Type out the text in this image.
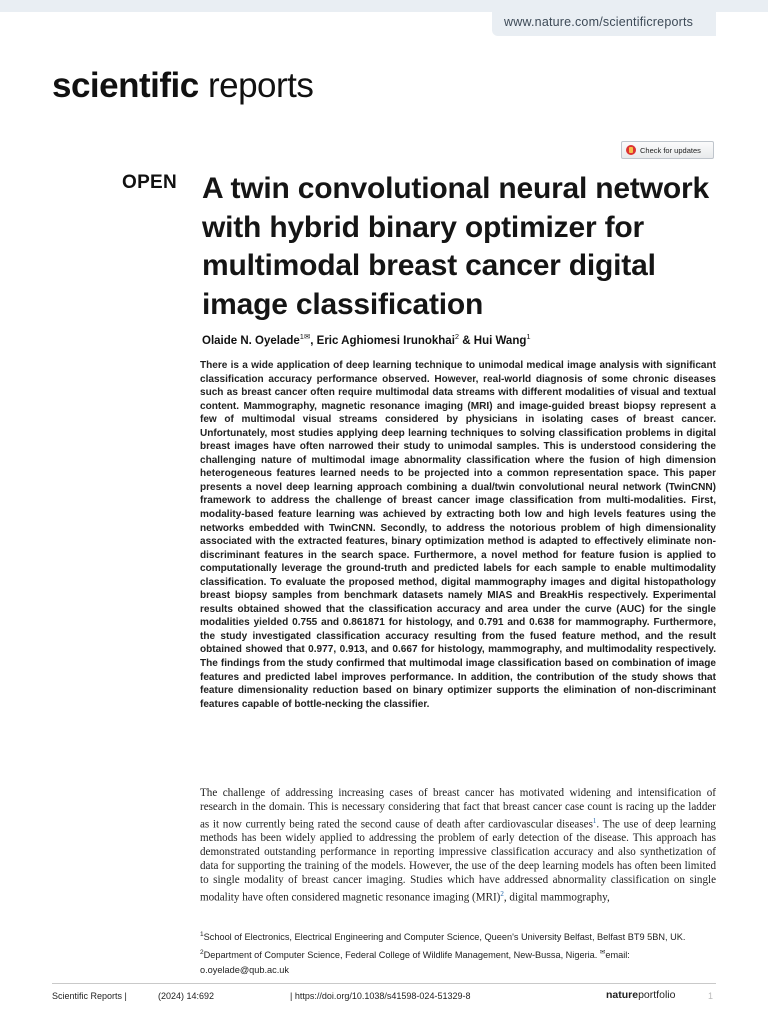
www.nature.com/scientificreports
scientific reports
Check for updates
OPEN A twin convolutional neural network with hybrid binary optimizer for multimodal breast cancer digital image classification
Olaide N. Oyelade$^{1✉}$, Eric Aghiomesi Irunokhai$^2$ & Hui Wang$^1$

There is a wide application of deep learning technique to unimodal medical image analysis with significant classification accuracy performance observed. However, real-world diagnosis of some chronic diseases such as breast cancer often require multimodal data streams with different modalities of visual and textual content. Mammography, magnetic resonance imaging (MRI) and image-guided breast biopsy represent a few of multimodal visual streams considered by physicians in isolating cases of breast cancer. Unfortunately, most studies applying deep learning techniques to solving classification problems in digital breast images have often narrowed their study to unimodal samples. This is understood considering the challenging nature of multimodal image abnormality classification where the fusion of high dimension heterogeneous features learned needs to be projected into a common representation space. This paper presents a novel deep learning approach combining a dual/twin convolutional neural network (TwinCNN) framework to address the challenge of breast cancer image classification from multi-modalities. First, modality-based feature learning was achieved by extracting both low and high levels features using the networks embedded with TwinCNN. Secondly, to address the notorious problem of high dimensionality associated with the extracted features, binary optimization method is adapted to effectively eliminate non-discriminant features in the search space. Furthermore, a novel method for feature fusion is applied to computationally leverage the ground-truth and predicted labels for each sample to enable multimodality classification. To evaluate the proposed method, digital mammography images and digital histopathology breast biopsy samples from benchmark datasets namely MIAS and BreakHis respectively. Experimental results obtained showed that the classification accuracy and area under the curve (AUC) for the single modalities yielded 0.755 and 0.861871 for histology, and 0.791 and 0.638 for mammography. Furthermore, the study investigated classification accuracy resulting from the fused feature method, and the result obtained showed that 0.977, 0.913, and 0.667 for histology, mammography, and multimodality respectively. The findings from the study confirmed that multimodal image classification based on combination of image features and predicted label improves performance. In addition, the contribution of the study shows that feature dimensionality reduction based on binary optimizer supports the elimination of non-discriminant features capable of bottle-necking the classifier.

The challenge of addressing increasing cases of breast cancer has motivated widening and intensification of research in the domain. This is necessary considering that fact that breast cancer case count is racing up the ladder as it now currently being rated the second cause of death after cardiovascular diseases$^1$. The use of deep learning methods has been widely applied to addressing the problem of early detection of the disease. This approach has demonstrated outstanding performance in reporting impressive classification accuracy and also synthetization of data for supporting the training of the models. However, the use of the deep learning models has often been limited to single modality of breast cancer imaging. Studies which have addressed abnormality classification on single modality have often considered magnetic resonance imaging (MRI)$^2$, digital mammography,

$^1$School of Electronics, Electrical Engineering and Computer Science, Queen's University Belfast, Belfast BT9 5BN, UK. $^2$Department of Computer Science, Federal College of Wildlife Management, New-Bussa, Nigeria. ✉email: o.oyelade@qub.ac.uk

Scientific Reports |	(2024) 14:692	| https://doi.org/10.1038/s41598-024-51329-8	natureportfolio	1
